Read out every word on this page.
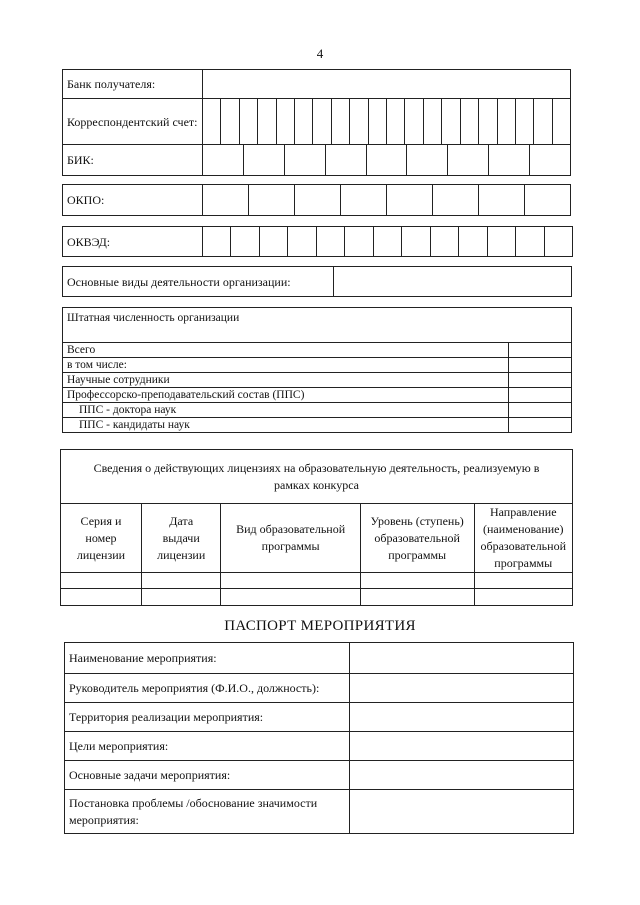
4
Банк получателя:	
Корреспондентский счет:	

БИК:	
ОКПО:	
ОКВЭД:	
Основные виды деятельности организации:	
Штатная численность организации	
Всего	
в том числе:	
Научные сотрудники	
Профессорско-преподавательский состав (ППС)	
ППС - доктора наук	
ППС - кандидаты наук	
Сведения о действующих лицензиях на образовательную деятельность, реализуемую в рамках конкурса				
Серия и номер лицензии	Дата выдачи лицензии	Вид образовательной программы	Уровень (ступень) образовательной программы	Направление (наименование) образовательной программы

ПАСПОРТ МЕРОПРИЯТИЯ
Наименование мероприятия:	
Руководитель мероприятия (Ф.И.О., должность):	
Территория реализации мероприятия:	
Цели мероприятия:	
Основные задачи мероприятия:	
Постановка проблемы /обоснование значимости мероприятия:	
